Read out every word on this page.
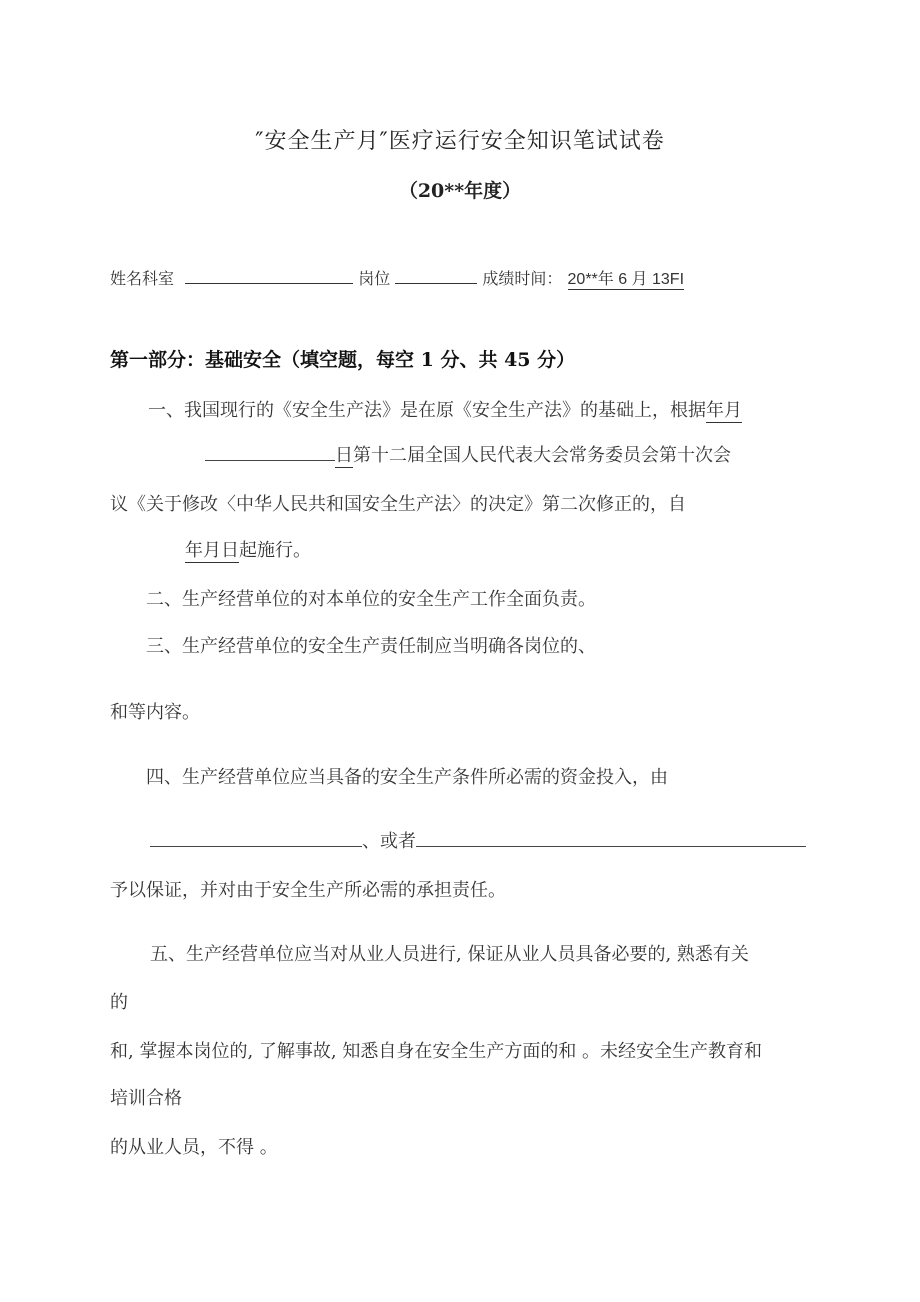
″安全生产月″医疗运行安全知识笔试试卷
（20**年度）
姓名科室	岗位	成绩时间： 20**年 6 月 13FI
第一部分：基础安全（填空题，每空 1 分、共 45 分）
一、我国现行的《安全生产法》是在原《安全生产法》的基础上，根据年月
日第十二届全国人民代表大会常务委员会第十次会
议《关于修改〈中华人民共和国安全生产法〉的决定》第二次修正的，自
年月日起施行。
二、生产经营单位的对本单位的安全生产工作全面负责。
三、生产经营单位的安全生产责任制应当明确各岗位的、
和等内容。
四、生产经营单位应当具备的安全生产条件所必需的资金投入，由
、或者
予以保证，并对由于安全生产所必需的承担责任。
五、生产经营单位应当对从业人员进行, 保证从业人员具备必要的, 熟悉有关
的
和, 掌握本岗位的, 了解事故, 知悉自身在安全生产方面的和 。未经安全生产教育和
培训合格
的从业人员，不得 。
